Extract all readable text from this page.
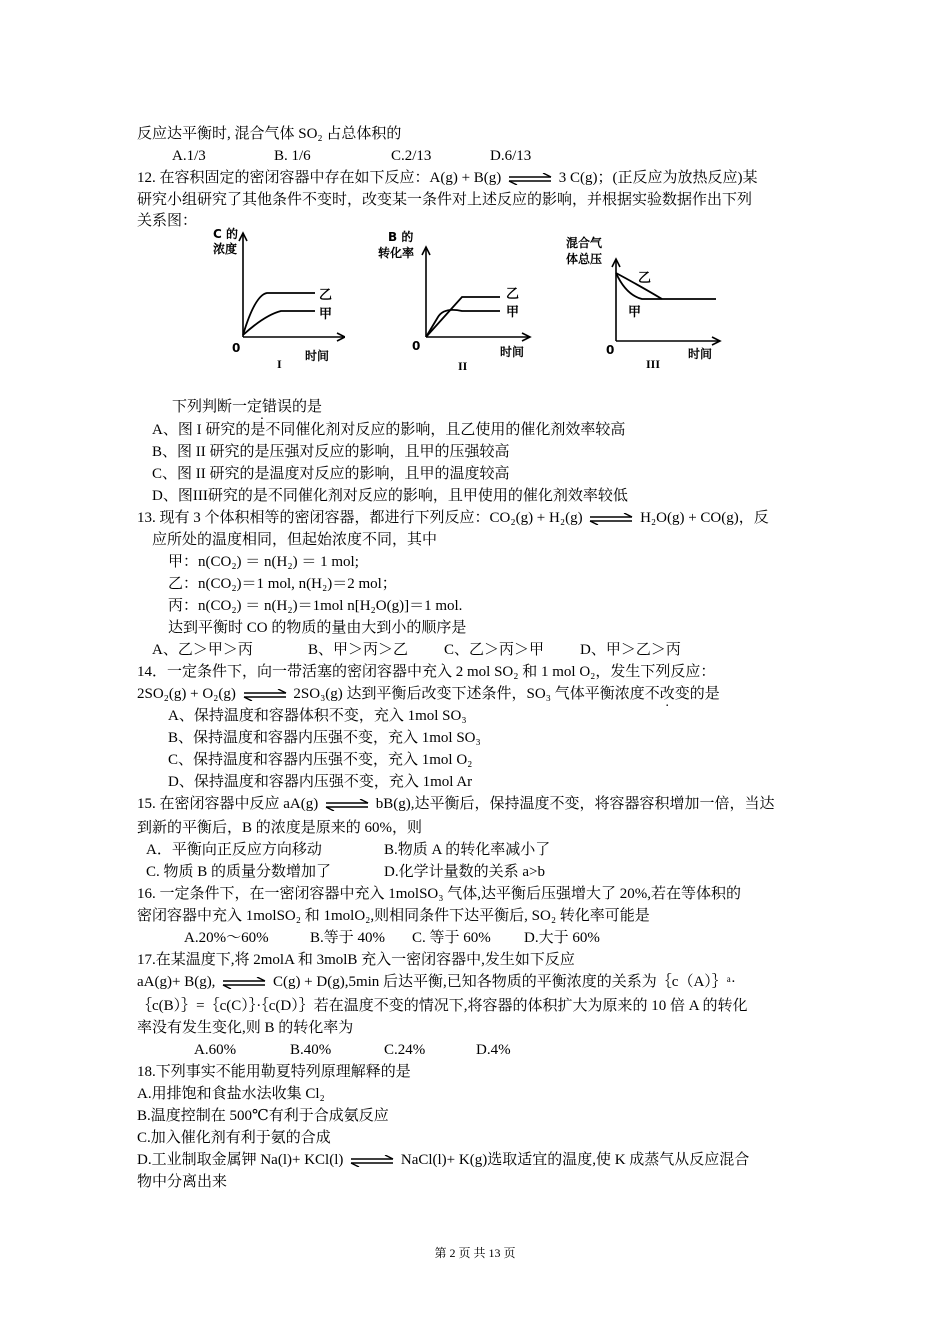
反应达平衡时, 混合气体 SO₂ 占总体积的
A.1/3	B. 1/6	C.2/13	D.6/13
12. 在容积固定的密闭容器中存在如下反应：A(g) + B(g) ⇌ 3 C(g)；(正反应为放热反应)某
研究小组研究了其他条件不变时，改变某一条件对上述反应的影响，并根据实验数据作出下列
关系图：
C 的
浓度
乙
甲
0
I
时间
B 的
转化率
乙
甲
0
II
时间
混合气
体总压
乙
甲
0
III
时间
下列判断一定错误的是
A、图 I 研究的是不同催化剂对反应的影响，且乙使用的催化剂效率较高
B、图 II 研究的是压强对反应的影响，且甲的压强较高
C、图 II 研究的是温度对反应的影响，且甲的温度较高
D、图III研究的是不同催化剂对反应的影响，且甲使用的催化剂效率较低
13. 现有 3 个体积相等的密闭容器，都进行下列反应：CO₂(g) + H₂(g) ⇌ H₂O(g) + CO(g)，反
应所处的温度相同，但起始浓度不同，其中
甲：n(CO₂) ＝ n(H₂) ＝ 1 mol;
乙：n(CO₂)＝1 mol, n(H₂)＝2 mol；
丙：n(CO₂) ＝ n(H₂)＝1mol n[H₂O(g)]＝1 mol.
达到平衡时 CO 的物质的量由大到小的顺序是
A、乙＞甲＞丙	B、甲＞丙＞乙 C、乙＞丙＞甲 D、甲＞乙＞丙
14．一定条件下，向一带活塞的密闭容器中充入 2 mol SO₂ 和 1 mol O₂，发生下列反应：
2SO₂(g) + O₂(g) ⇌ 2SO₃(g) 达到平衡后改变下述条件，SO₃ 气体平衡浓度不改变的是
A、保持温度和容器体积不变，充入 1mol SO₃
B、保持温度和容器内压强不变，充入 1mol SO₃
C、保持温度和容器内压强不变，充入 1mol O₂
D、保持温度和容器内压强不变，充入 1mol Ar
15. 在密闭容器中反应 aA(g) ⇌ bB(g),达平衡后，保持温度不变，将容器容积增加一倍，当达
到新的平衡后，B 的浓度是原来的 60%，则
A．平衡向正反应方向移动	B.物质 A 的转化率减小了
C. 物质 B 的质量分数增加了	D.化学计量数的关系 a>b
16. 一定条件下，在一密闭容器中充入 1molSO₃ 气体,达平衡后压强增大了 20%,若在等体积的
密闭容器中充入 1molSO₂ 和 1molO₂,则相同条件下达平衡后, SO₂ 转化率可能是
A.20%～60%	B.等于 40% C. 等于 60% D.大于 60%
17.在某温度下,将 2molA 和 3molB 充入一密闭容器中,发生如下反应
aA(g)+ B(g), ⇌ C(g) + D(g),5min 后达平衡,已知各物质的平衡浓度的关系为｛c（A）｝ᵃ·
｛c(B）｝=｛c(C）｝·｛c(D）｝若在温度不变的情况下,将容器的体积扩大为原来的 10 倍 A 的转化
率没有发生变化,则 B 的转化率为
A.60%	B.40%	C.24%	D.4%
18.下列事实不能用勒夏特列原理解释的是
A.用排饱和食盐水法收集 Cl₂
B.温度控制在 500℃有利于合成氨反应
C.加入催化剂有利于氨的合成
D.工业制取金属钾 Na(l)+ KCl(l) ⇌ NaCl(l)+ K(g)选取适宜的温度,使 K 成蒸气从反应混合
物中分离出来
第 2 页 共 13 页
